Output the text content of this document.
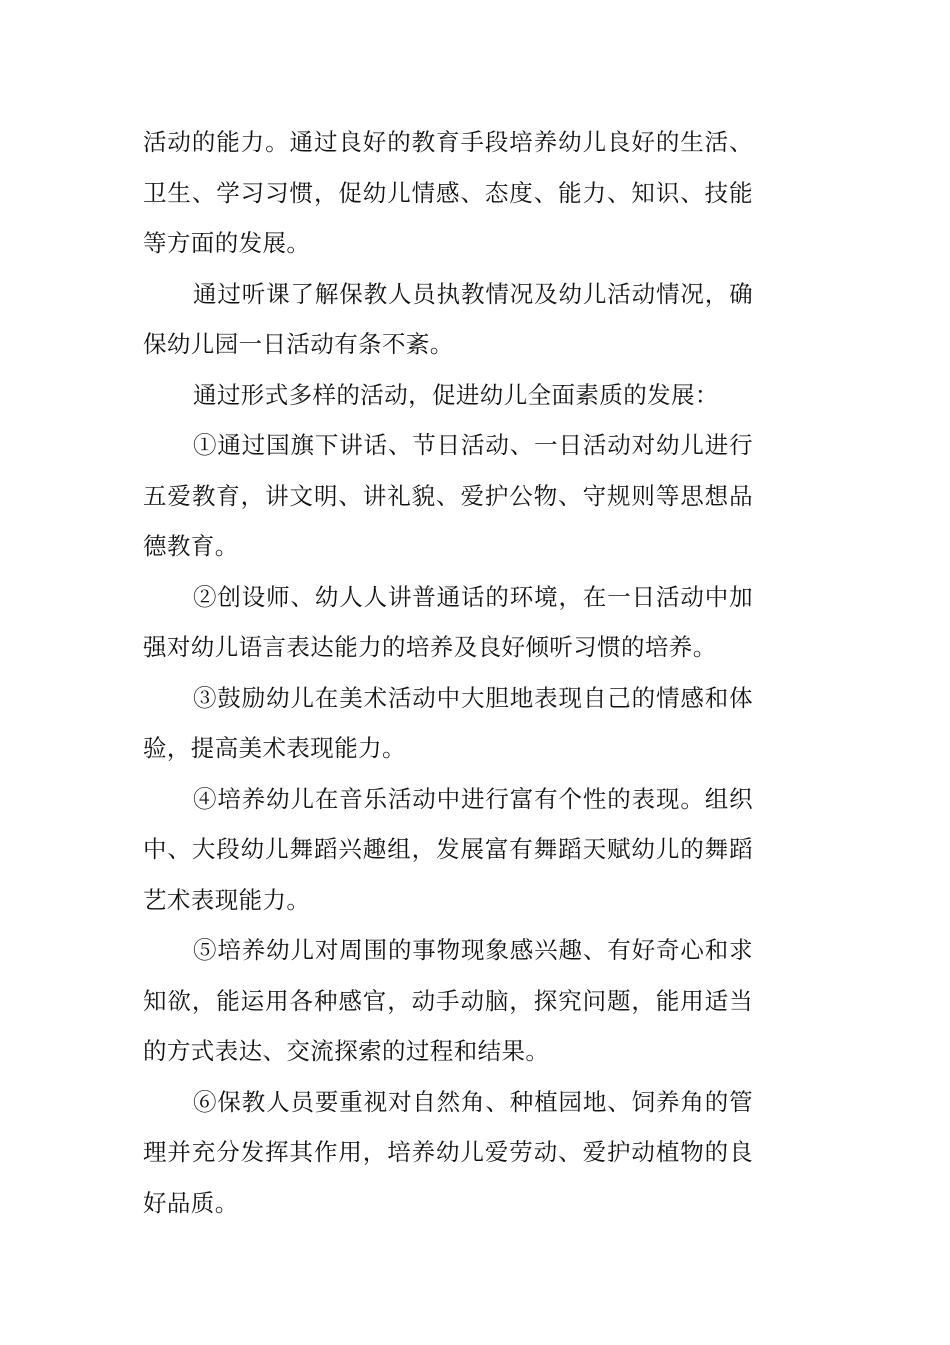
活动的能力。通过良好的教育手段培养幼儿良好的生活、卫生、学习习惯，促幼儿情感、态度、能力、知识、技能等方面的发展。

通过听课了解保教人员执教情况及幼儿活动情况，确保幼儿园一日活动有条不紊。

通过形式多样的活动，促进幼儿全面素质的发展：

①通过国旗下讲话、节日活动、一日活动对幼儿进行五爱教育，讲文明、讲礼貌、爱护公物、守规则等思想品德教育。

②创设师、幼人人讲普通话的环境，在一日活动中加强对幼儿语言表达能力的培养及良好倾听习惯的培养。

③鼓励幼儿在美术活动中大胆地表现自己的情感和体验，提高美术表现能力。

④培养幼儿在音乐活动中进行富有个性的表现。组织中、大段幼儿舞蹈兴趣组，发展富有舞蹈天赋幼儿的舞蹈艺术表现能力。

⑤培养幼儿对周围的事物现象感兴趣、有好奇心和求知欲，能运用各种感官，动手动脑，探究问题，能用适当的方式表达、交流探索的过程和结果。

⑥保教人员要重视对自然角、种植园地、饲养角的管理并充分发挥其作用，培养幼儿爱劳动、爱护动植物的良好品质。
